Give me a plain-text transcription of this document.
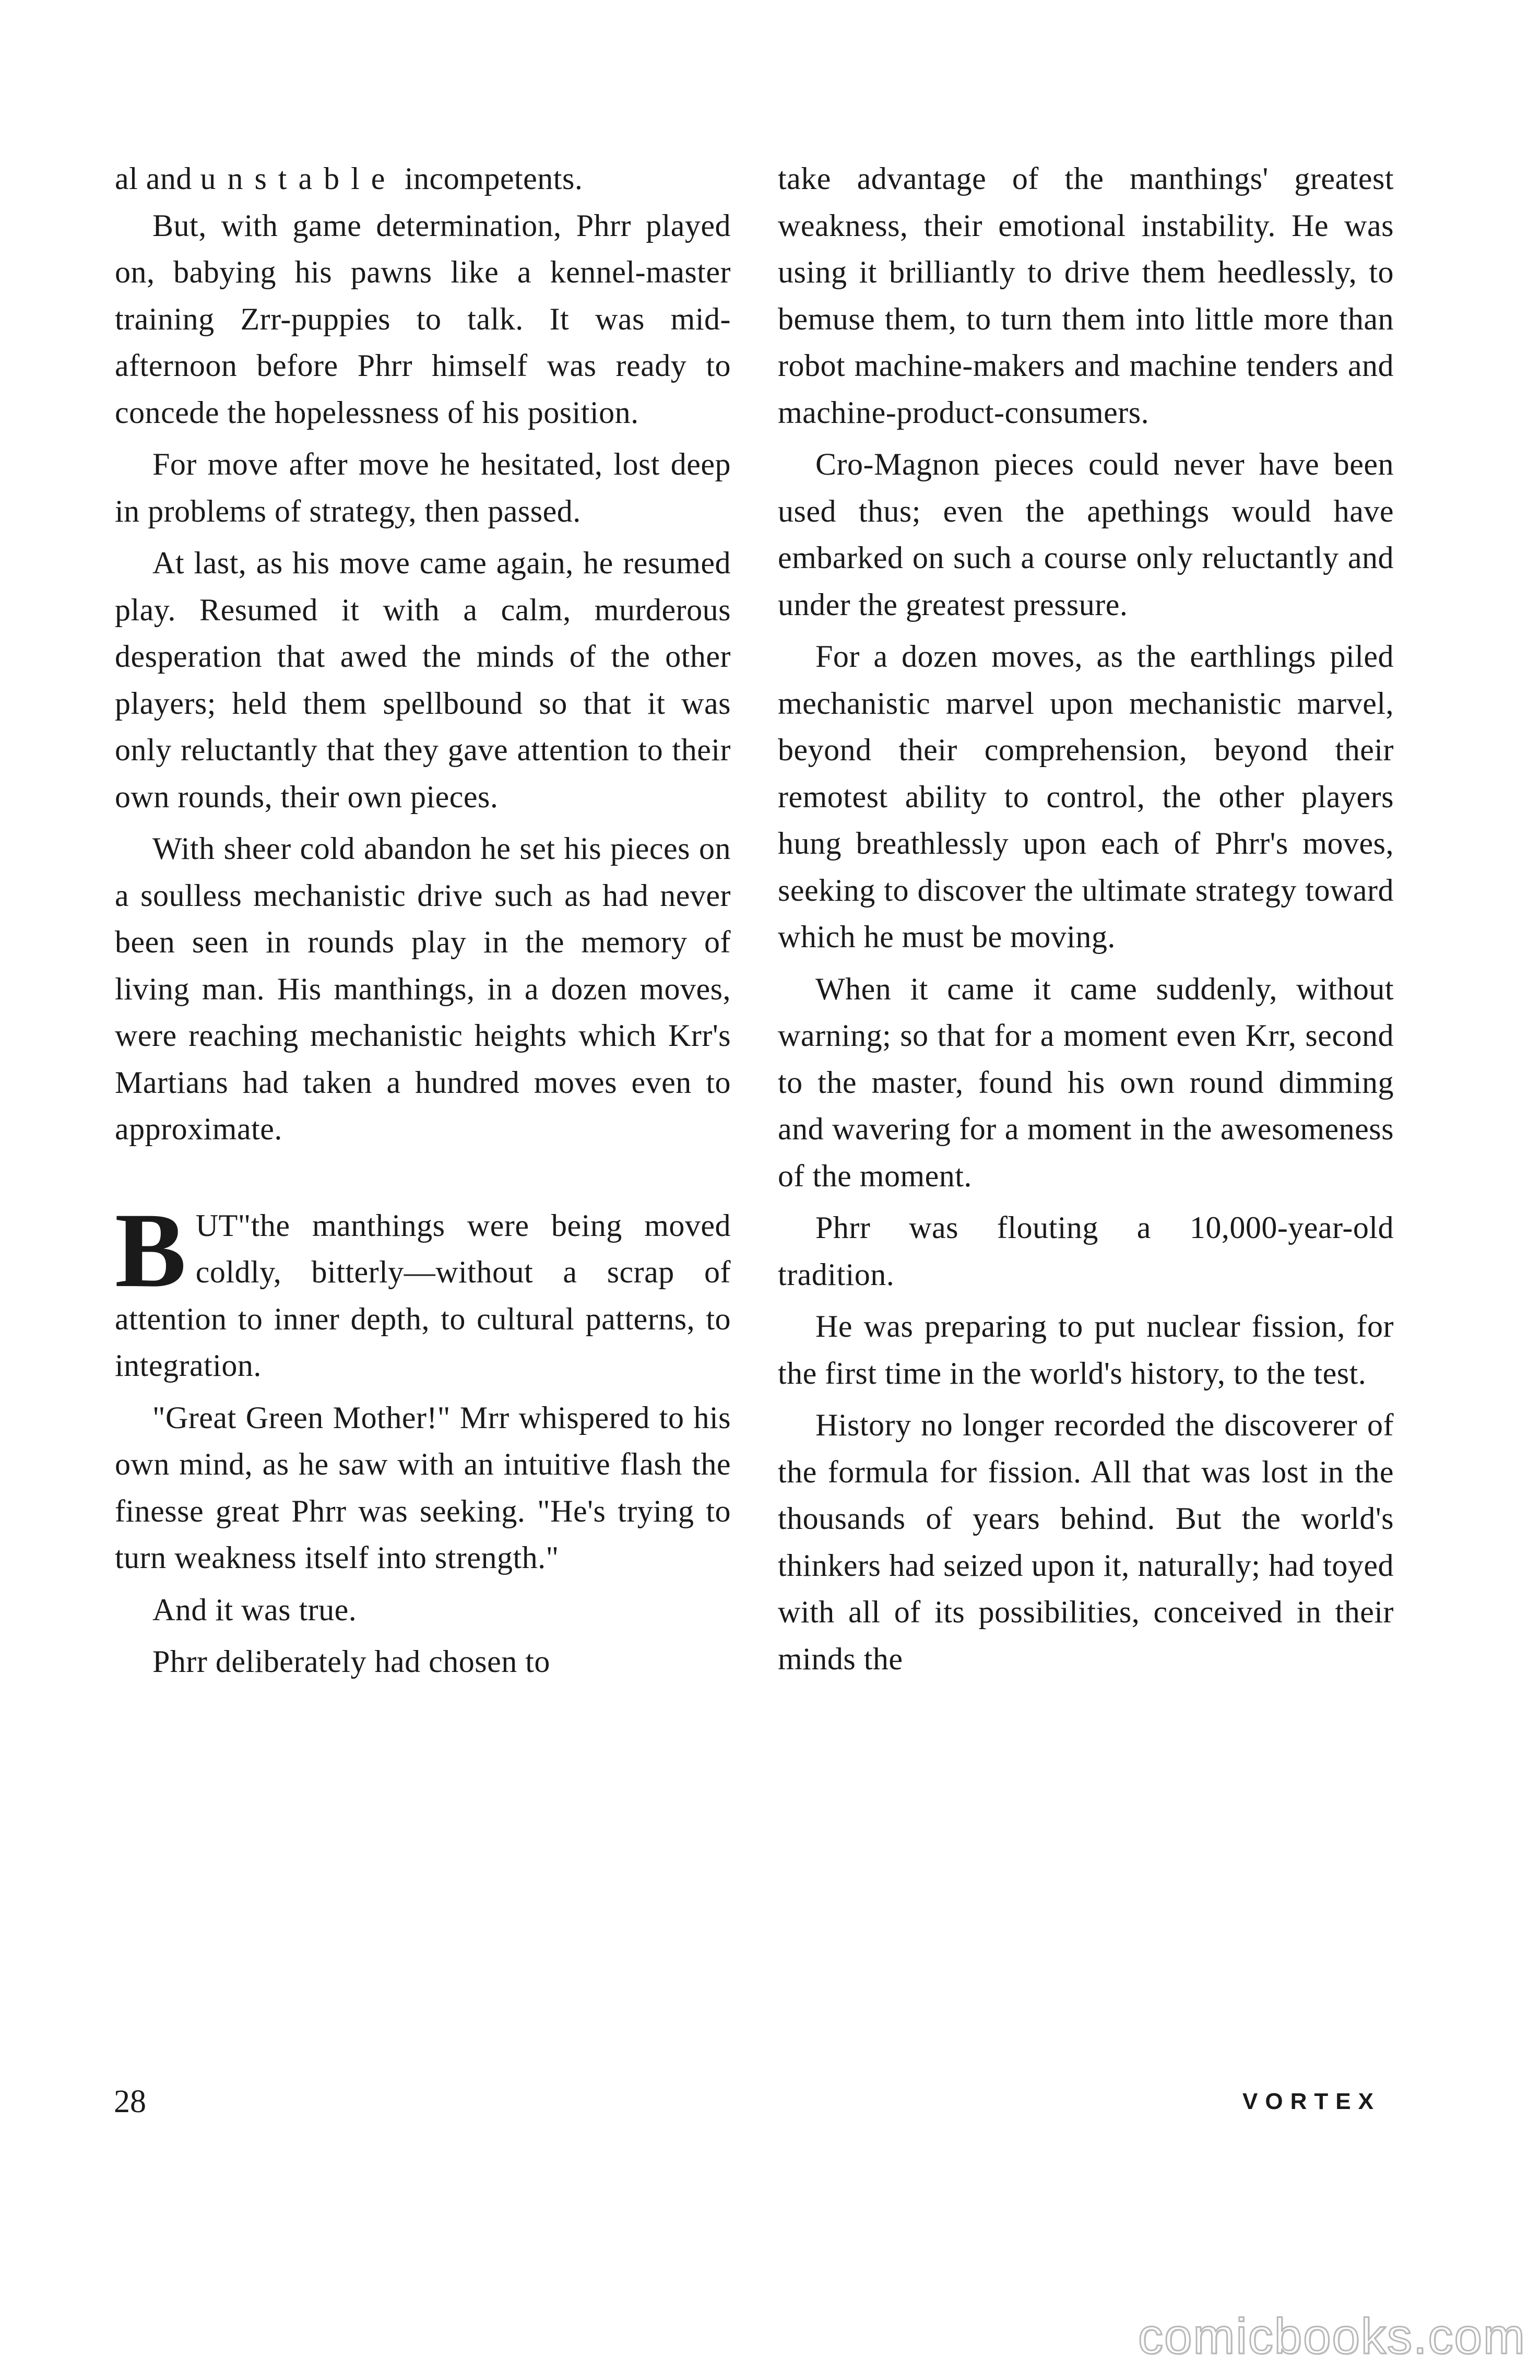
al and unstable incompetents.

But, with game determination, Phrr played on, babying his pawns like a kennel-master training Zrr-puppies to talk. It was mid-afternoon before Phrr himself was ready to concede the hopelessness of his position.

For move after move he hesitated, lost deep in problems of strategy, then passed.

At last, as his move came again, he resumed play. Resumed it with a calm, murderous desperation that awed the minds of the other players; held them spellbound so that it was only reluctantly that they gave attention to their own rounds, their own pieces.

With sheer cold abandon he set his pieces on a soulless mechanistic drive such as had never been seen in rounds play in the memory of living man. His manthings, in a dozen moves, were reaching mechanistic heights which Krr's Martians had taken a hundred moves even to approximate.

BUT"the manthings were being moved coldly, bitterly—without a scrap of attention to inner depth, to cultural patterns, to integration.

"Great Green Mother!" Mrr whispered to his own mind, as he saw with an intuitive flash the finesse great Phrr was seeking. "He's trying to turn weakness itself into strength."

And it was true.

Phrr deliberately had chosen to

take advantage of the manthings' greatest weakness, their emotional instability. He was using it brilliantly to drive them heedlessly, to bemuse them, to turn them into little more than robot machine-makers and machine tenders and machine-product-consumers.

Cro-Magnon pieces could never have been used thus; even the apethings would have embarked on such a course only reluctantly and under the greatest pressure.

For a dozen moves, as the earthlings piled mechanistic marvel upon mechanistic marvel, beyond their comprehension, beyond their remotest ability to control, the other players hung breathlessly upon each of Phrr's moves, seeking to discover the ultimate strategy toward which he must be moving.

When it came it came suddenly, without warning; so that for a moment even Krr, second to the master, found his own round dimming and wavering for a moment in the awesomeness of the moment.

Phrr was flouting a 10,000-year-old tradition.

He was preparing to put nuclear fission, for the first time in the world's history, to the test.

History no longer recorded the discoverer of the formula for fission. All that was lost in the thousands of years behind. But the world's thinkers had seized upon it, naturally; had toyed with all of its possibilities, conceived in their minds the

28	VORTEX
comicbooks.com
